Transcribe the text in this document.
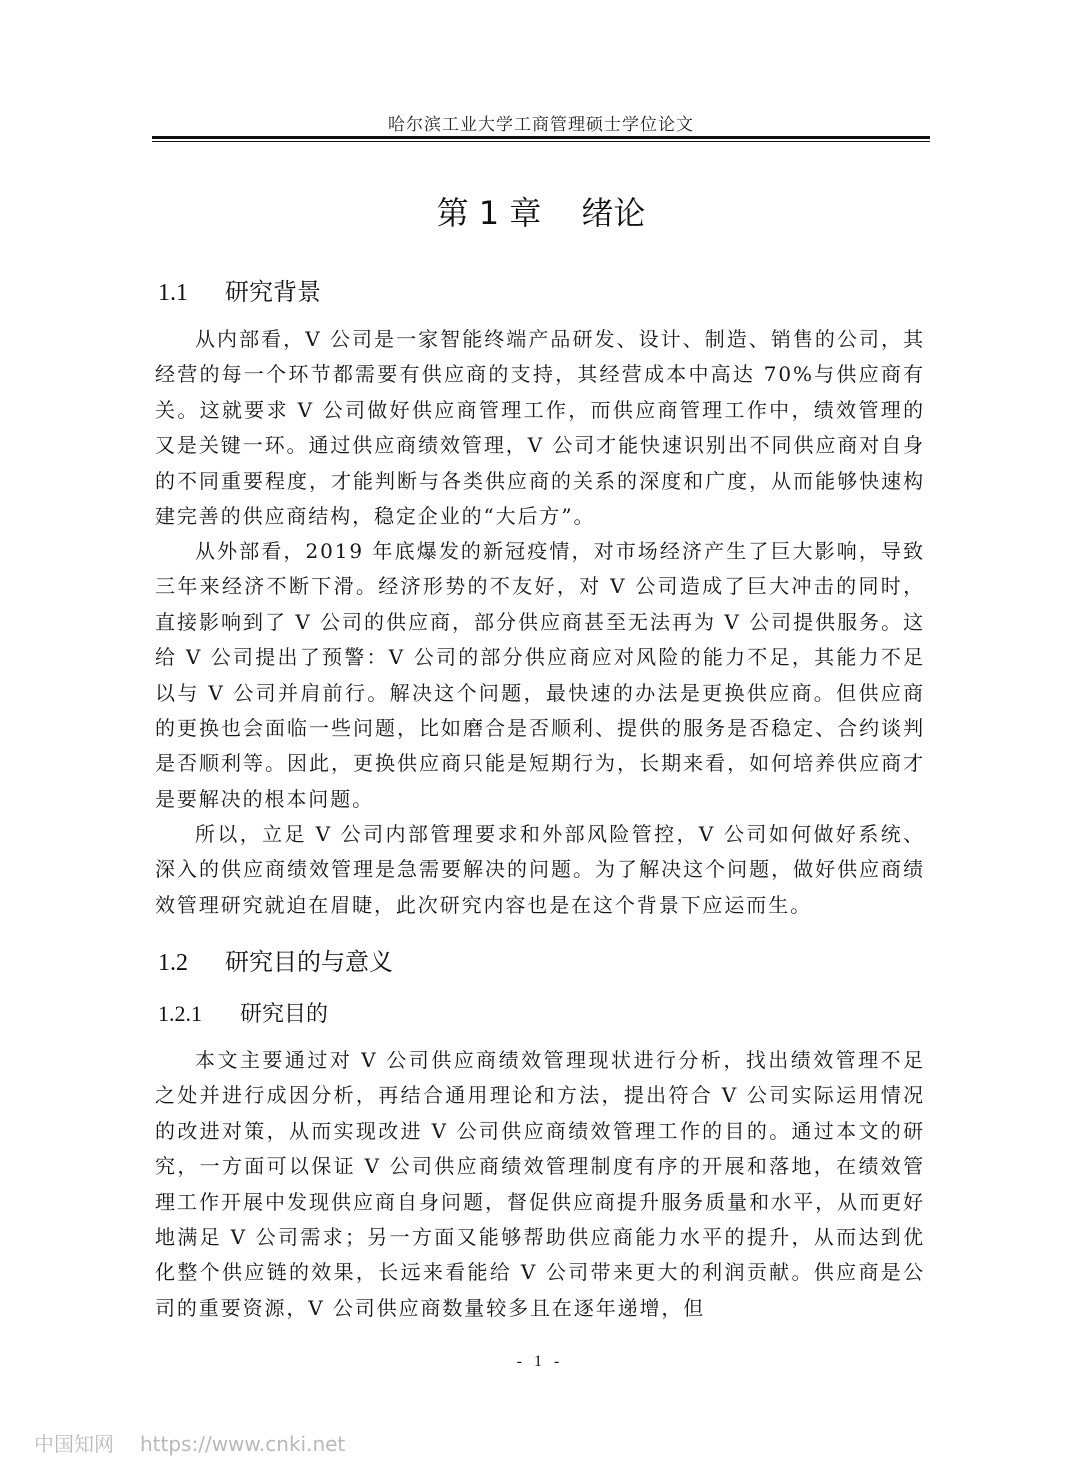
哈尔滨工业大学工商管理硕士学位论文
第 1 章 绪论
1.1 研究背景

从内部看，V 公司是一家智能终端产品研发、设计、制造、销售的公司，其经营的每一个环节都需要有供应商的支持，其经营成本中高达 70%与供应商有关。这就要求 V 公司做好供应商管理工作，而供应商管理工作中，绩效管理的又是关键一环。通过供应商绩效管理，V 公司才能快速识别出不同供应商对自身的不同重要程度，才能判断与各类供应商的关系的深度和广度，从而能够快速构建完善的供应商结构，稳定企业的“大后方”。

从外部看，2019 年底爆发的新冠疫情，对市场经济产生了巨大影响，导致三年来经济不断下滑。经济形势的不友好，对 V 公司造成了巨大冲击的同时，直接影响到了 V 公司的供应商，部分供应商甚至无法再为 V 公司提供服务。这给 V 公司提出了预警：V 公司的部分供应商应对风险的能力不足，其能力不足以与 V 公司并肩前行。解决这个问题，最快速的办法是更换供应商。但供应商的更换也会面临一些问题，比如磨合是否顺利、提供的服务是否稳定、合约谈判是否顺利等。因此，更换供应商只能是短期行为，长期来看，如何培养供应商才是要解决的根本问题。

所以，立足 V 公司内部管理要求和外部风险管控，V 公司如何做好系统、深入的供应商绩效管理是急需要解决的问题。为了解决这个问题，做好供应商绩效管理研究就迫在眉睫，此次研究内容也是在这个背景下应运而生。

1.2 研究目的与意义
1.2.1 研究目的

本文主要通过对 V 公司供应商绩效管理现状进行分析，找出绩效管理不足之处并进行成因分析，再结合通用理论和方法，提出符合 V 公司实际运用情况的改进对策，从而实现改进 V 公司供应商绩效管理工作的目的。通过本文的研究，一方面可以保证 V 公司供应商绩效管理制度有序的开展和落地，在绩效管理工作开展中发现供应商自身问题，督促供应商提升服务质量和水平，从而更好地满足 V 公司需求；另一方面又能够帮助供应商能力水平的提升，从而达到优化整个供应链的效果，长远来看能给 V 公司带来更大的利润贡献。供应商是公司的重要资源，V 公司供应商数量较多且在逐年递增，但

- 1 -
中国知网 https://www.cnki.net
